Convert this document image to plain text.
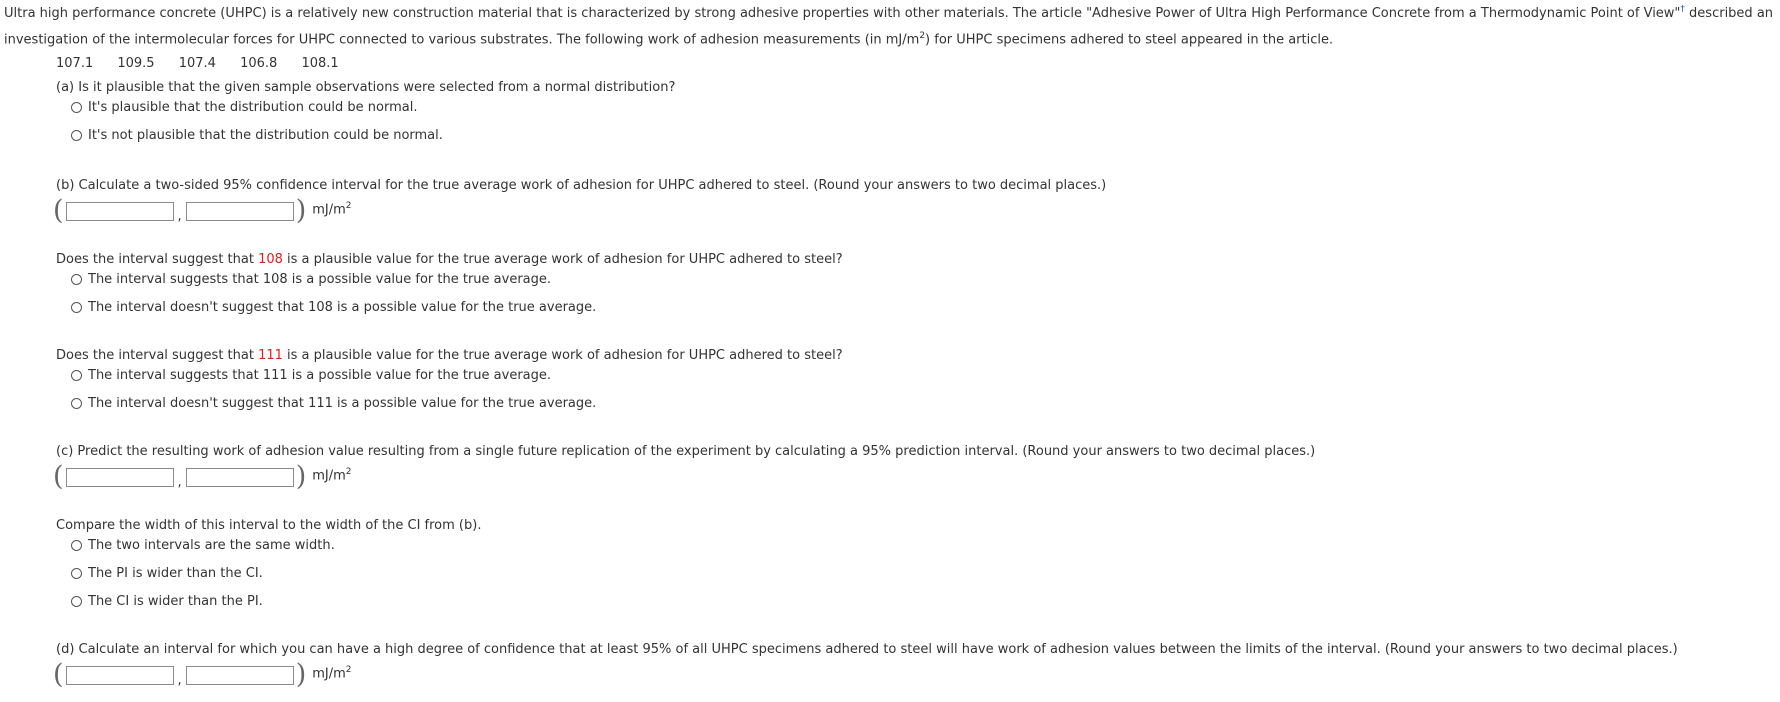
Ultra high performance concrete (UHPC) is a relatively new construction material that is characterized by strong adhesive properties with other materials. The article "Adhesive Power of Ultra High Performance Concrete from a Thermodynamic Point of View"† described an investigation of the intermolecular forces for UHPC connected to various substrates. The following work of adhesion measurements (in $mJ/m^2$) for UHPC specimens adhered to steel appeared in the article.
107.1 109.5 107.4 106.8 108.1
(a) Is it plausible that the given sample observations were selected from a normal distribution?
It's plausible that the distribution could be normal.
It's not plausible that the distribution could be normal.
(b) Calculate a two-sided 95% confidence interval for the true average work of adhesion for UHPC adhered to steel. (Round your answers to two decimal places.)
(	,	) $mJ/m^2$
Does the interval suggest that 108 is a plausible value for the true average work of adhesion for UHPC adhered to steel?
The interval suggests that 108 is a possible value for the true average.
The interval doesn't suggest that 108 is a possible value for the true average.
Does the interval suggest that 111 is a plausible value for the true average work of adhesion for UHPC adhered to steel?
The interval suggests that 111 is a possible value for the true average.
The interval doesn't suggest that 111 is a possible value for the true average.
(c) Predict the resulting work of adhesion value resulting from a single future replication of the experiment by calculating a 95% prediction interval. (Round your answers to two decimal places.)
(	,	) $mJ/m^2$
Compare the width of this interval to the width of the CI from (b).
The two intervals are the same width.
The PI is wider than the CI.
The CI is wider than the PI.
(d) Calculate an interval for which you can have a high degree of confidence that at least 95% of all UHPC specimens adhered to steel will have work of adhesion values between the limits of the interval. (Round your answers to two decimal places.)
(	,	) $mJ/m^2$
